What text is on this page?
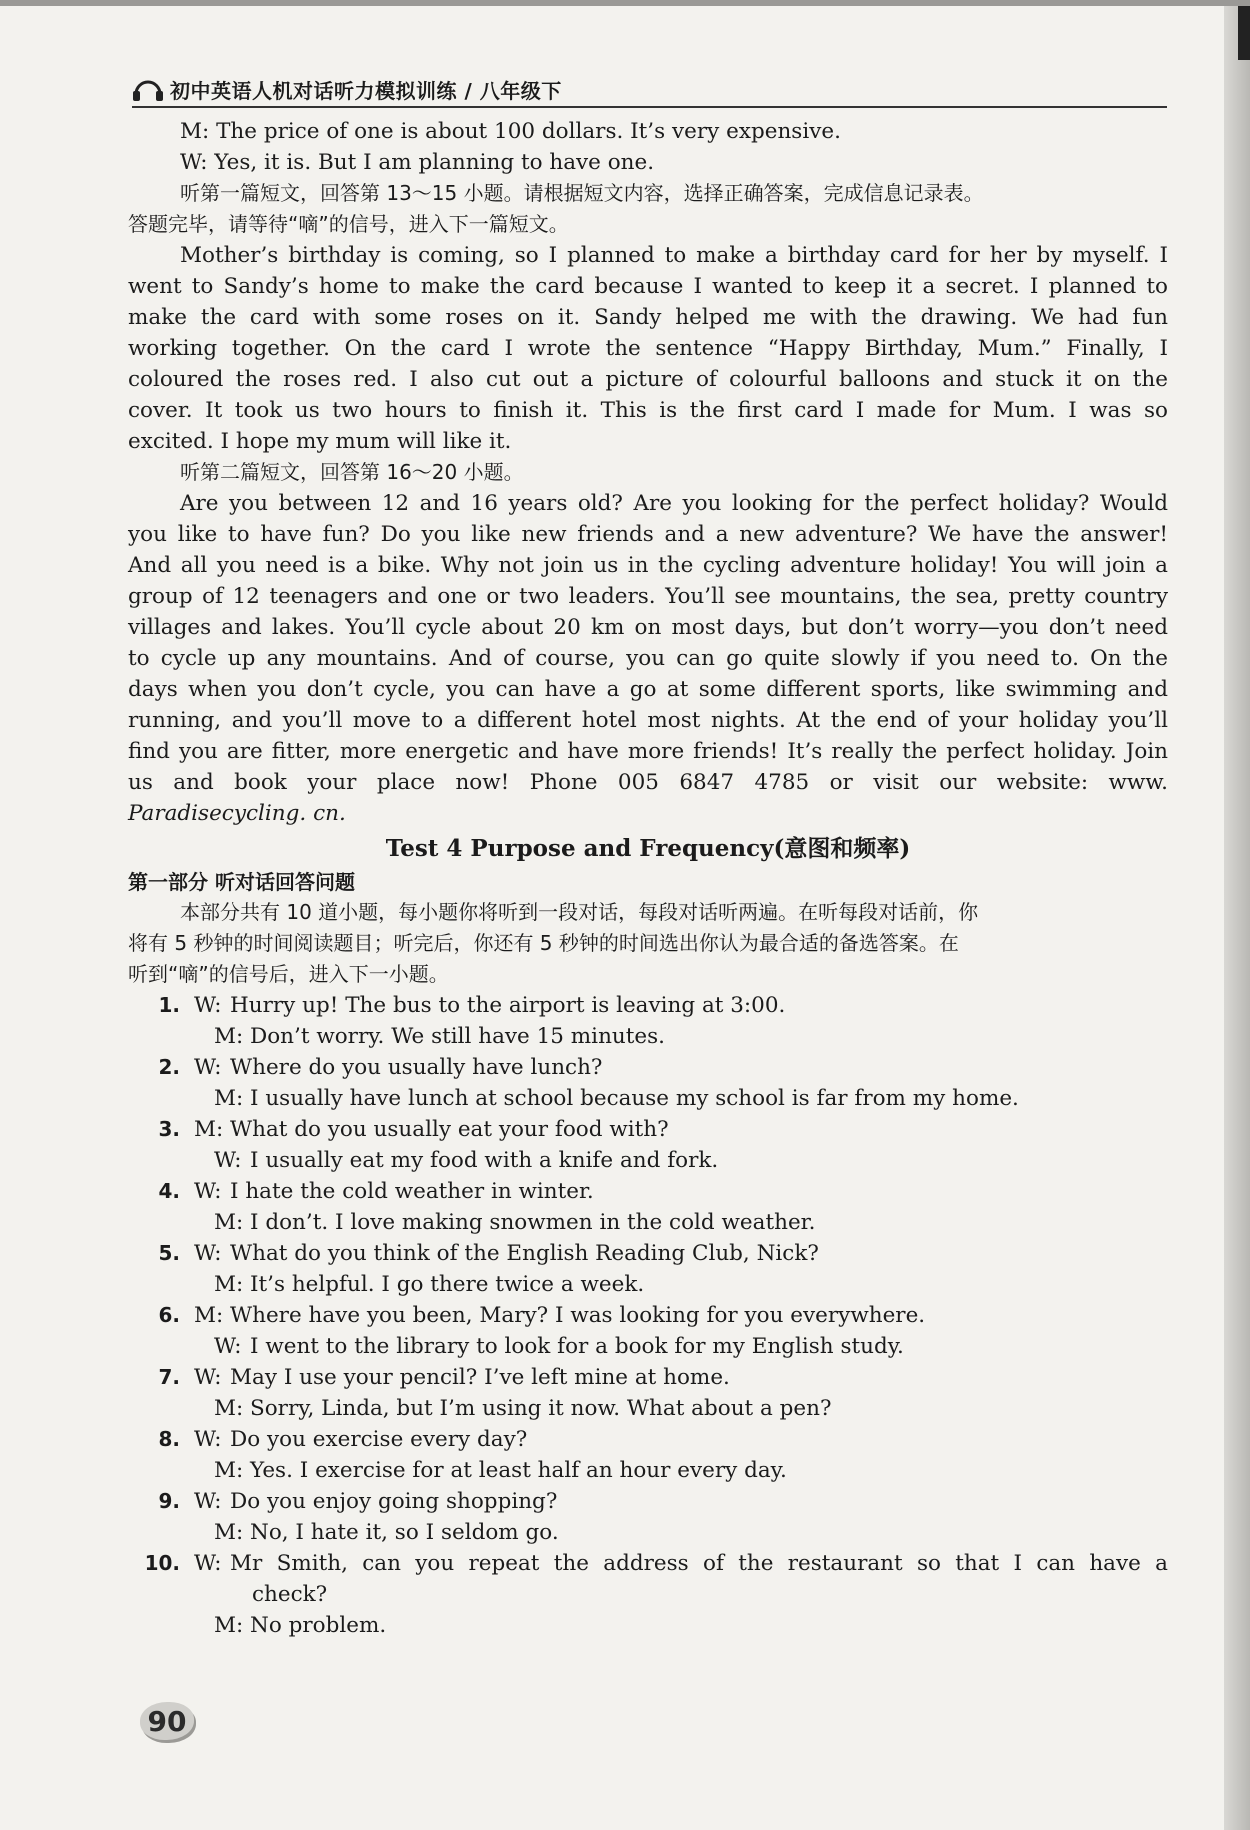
初中英语人机对话听力模拟训练 / 八年级下
M: The price of one is about 100 dollars. It’s very expensive.
W: Yes, it is. But I am planning to have one.
听第一篇短文，回答第 13～15 小题。请根据短文内容，选择正确答案，完成信息记录表。
答题完毕，请等待“嘀”的信号，进入下一篇短文。
Mother’s birthday is coming, so I planned to make a birthday card for her by myself. I
went to Sandy’s home to make the card because I wanted to keep it a secret. I planned to
make the card with some roses on it. Sandy helped me with the drawing. We had fun
working together. On the card I wrote the sentence “Happy Birthday, Mum.” Finally, I
coloured the roses red. I also cut out a picture of colourful balloons and stuck it on the
cover. It took us two hours to finish it. This is the first card I made for Mum. I was so
excited. I hope my mum will like it.
听第二篇短文，回答第 16～20 小题。
Are you between 12 and 16 years old? Are you looking for the perfect holiday? Would
you like to have fun? Do you like new friends and a new adventure? We have the answer!
And all you need is a bike. Why not join us in the cycling adventure holiday! You will join a
group of 12 teenagers and one or two leaders. You’ll see mountains, the sea, pretty country
villages and lakes. You’ll cycle about 20 km on most days, but don’t worry—you don’t need
to cycle up any mountains. And of course, you can go quite slowly if you need to. On the
days when you don’t cycle, you can have a go at some different sports, like swimming and
running, and you’ll move to a different hotel most nights. At the end of your holiday you’ll
find you are fitter, more energetic and have more friends! It’s really the perfect holiday. Join
us and book your place now! Phone 005 6847 4785 or visit our website: www.
Paradisecycling. cn.
Test 4 Purpose and Frequency(意图和频率)
第一部分 听对话回答问题
本部分共有 10 道小题，每小题你将听到一段对话，每段对话听两遍。在听每段对话前，你
将有 5 秒钟的时间阅读题目；听完后，你还有 5 秒钟的时间选出你认为最合适的备选答案。在
听到“嘀”的信号后，进入下一小题。
1. W: Hurry up! The bus to the airport is leaving at 3:00.
M: Don’t worry. We still have 15 minutes.
2. W: Where do you usually have lunch?
M: I usually have lunch at school because my school is far from my home.
3. M: What do you usually eat your food with?
W: I usually eat my food with a knife and fork.
4. W: I hate the cold weather in winter.
M: I don’t. I love making snowmen in the cold weather.
5. W: What do you think of the English Reading Club, Nick?
M: It’s helpful. I go there twice a week.
6. M: Where have you been, Mary? I was looking for you everywhere.
W: I went to the library to look for a book for my English study.
7. W: May I use your pencil? I’ve left mine at home.
M: Sorry, Linda, but I’m using it now. What about a pen?
8. W: Do you exercise every day?
M: Yes. I exercise for at least half an hour every day.
9. W: Do you enjoy going shopping?
M: No, I hate it, so I seldom go.
10. W: Mr Smith, can you repeat the address of the restaurant so that I can have a
check?
M: No problem.
90
